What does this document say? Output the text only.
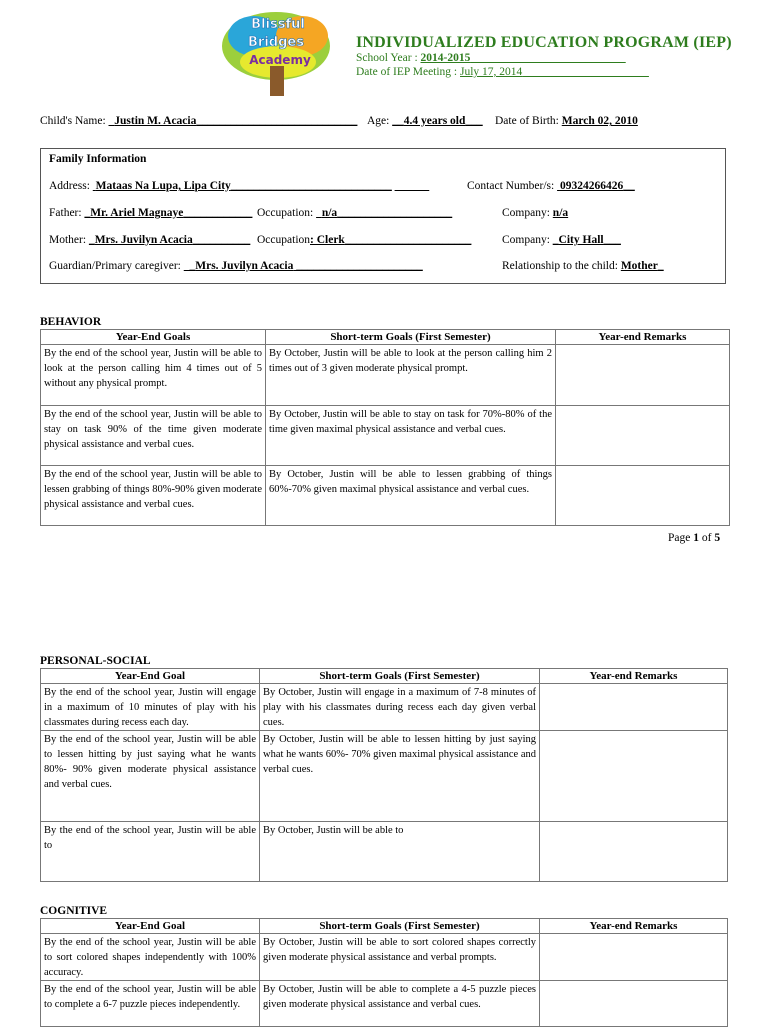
Blissful
Bridges
Academy
INDIVIDUALIZED EDUCATION PROGRAM (IEP)
School Year : 2014-2015___________________________
Date of IEP Meeting : July 17, 2014______________________
Child's Name: Justin M. Acacia____________________________ Age: __4.4 years old___ Date of Birth: March 02, 2010
Family Information
Address: Mataas Na Lupa, Lipa City____________________________ ______	Contact Number/s: 09324266426__
Father: _Mr. Ariel Magnaye____________ Occupation: n/a____________________	Company: n/a
Mother: _Mrs. Juvilyn Acacia__________ Occupation: Clerk______________________	Company: _City Hall___
Guardian/Primary caregiver:   _Mrs. Juvilyn Acacia ______________________	Relationship to the child: Mother_
BEHAVIOR
Year-End Goals	Short-term Goals (First Semester)	Year-end Remarks
By the end of the school year, Justin will be able to look at the person calling him 4 times out of 5 without any physical prompt.	By October, Justin will be able to look at the person calling him 2 times out of 3 given moderate physical prompt.	
By the end of the school year, Justin will be able to stay on task 90% of the time given moderate physical assistance and verbal cues.	By October, Justin will be able to stay on task for 70%-80% of the time given maximal physical assistance and verbal cues.	
By the end of the school year, Justin will be able to lessen grabbing of things 80%-90% given moderate physical assistance and verbal cues.	By October, Justin will be able to lessen grabbing of things 60%-70% given maximal physical assistance and verbal cues.	
Page 1 of 5
PERSONAL-SOCIAL
Year-End Goal	Short-term Goals (First Semester)	Year-end Remarks
By the end of the school year, Justin will engage in a maximum of 10 minutes of play with his classmates during recess each day.	By October, Justin will engage in a maximum of 7-8 minutes of play with his classmates during recess each day given verbal cues.	
By the end of the school year, Justin will be able to lessen hitting by just saying what he wants 80%- 90% given moderate physical assistance and verbal cues.	By October, Justin will be able to lessen hitting by just saying what he wants 60%- 70% given maximal physical assistance and verbal cues.	
By the end of the school year, Justin will be able to	By October, Justin will be able to	
COGNITIVE
Year-End Goal	Short-term Goals (First Semester)	Year-end Remarks
By the end of the school year, Justin will be able to sort colored shapes independently with 100% accuracy.	By October, Justin will be able to sort colored shapes correctly given moderate physical assistance and verbal prompts.	
By the end of the school year, Justin will be able to complete a 6-7 puzzle pieces independently.	By October, Justin will be able to complete a 4-5 puzzle pieces given moderate physical assistance and verbal cues.	
